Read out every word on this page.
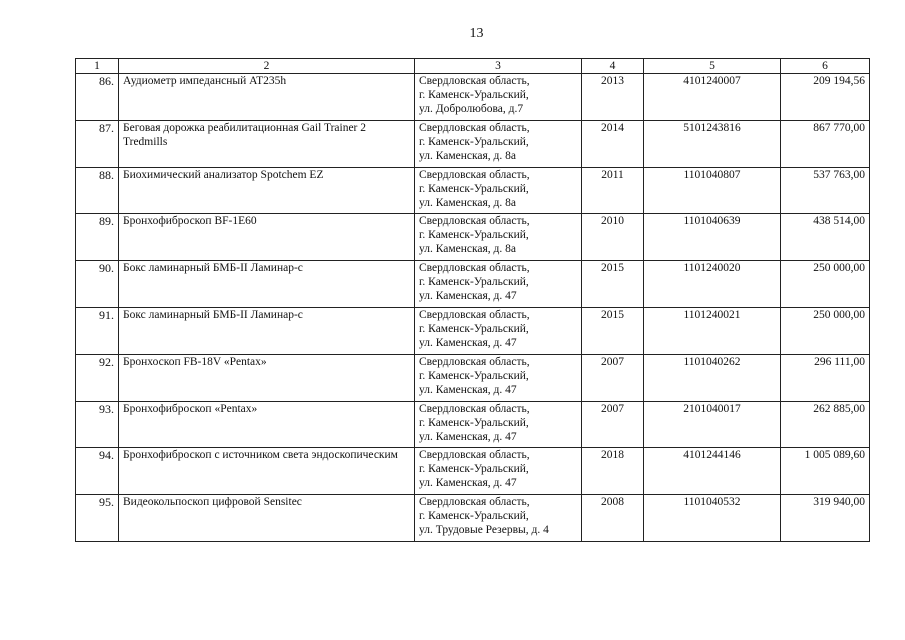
13
1	2	3	4	5	6
86.	Аудиометр импедансный AT235h	Свердловская область,
г. Каменск-Уральский,
ул. Добролюбова, д.7	2013	4101240007	209 194,56
87.	Беговая дорожка реабилитационная Gail Trainer 2 Tredmills	Свердловская область,
г. Каменск-Уральский,
ул. Каменская, д. 8а	2014	5101243816	867 770,00
88.	Биохимический анализатор Spotchem EZ	Свердловская область,
г. Каменск-Уральский,
ул. Каменская, д. 8а	2011	1101040807	537 763,00
89.	Бронхофиброскоп BF-1E60	Свердловская область,
г. Каменск-Уральский,
ул. Каменская, д. 8а	2010	1101040639	438 514,00
90.	Бокс ламинарный БМБ-II Ламинар-с	Свердловская область,
г. Каменск-Уральский,
ул. Каменская, д. 47	2015	1101240020	250 000,00
91.	Бокс ламинарный БМБ-II Ламинар-с	Свердловская область,
г. Каменск-Уральский,
ул. Каменская, д. 47	2015	1101240021	250 000,00
92.	Бронхоскоп FB-18V «Pentax»	Свердловская область,
г. Каменск-Уральский,
ул. Каменская, д. 47	2007	1101040262	296 111,00
93.	Бронхофиброскоп «Pentax»	Свердловская область,
г. Каменск-Уральский,
ул. Каменская, д. 47	2007	2101040017	262 885,00
94.	Бронхофиброскоп с источником света эндоскопическим	Свердловская область,
г. Каменск-Уральский,
ул. Каменская, д. 47	2018	4101244146	1 005 089,60
95.	Видеокольпоскоп цифровой Sensitec	Свердловская область,
г. Каменск-Уральский,
ул. Трудовые Резервы, д. 4	2008	1101040532	319 940,00
